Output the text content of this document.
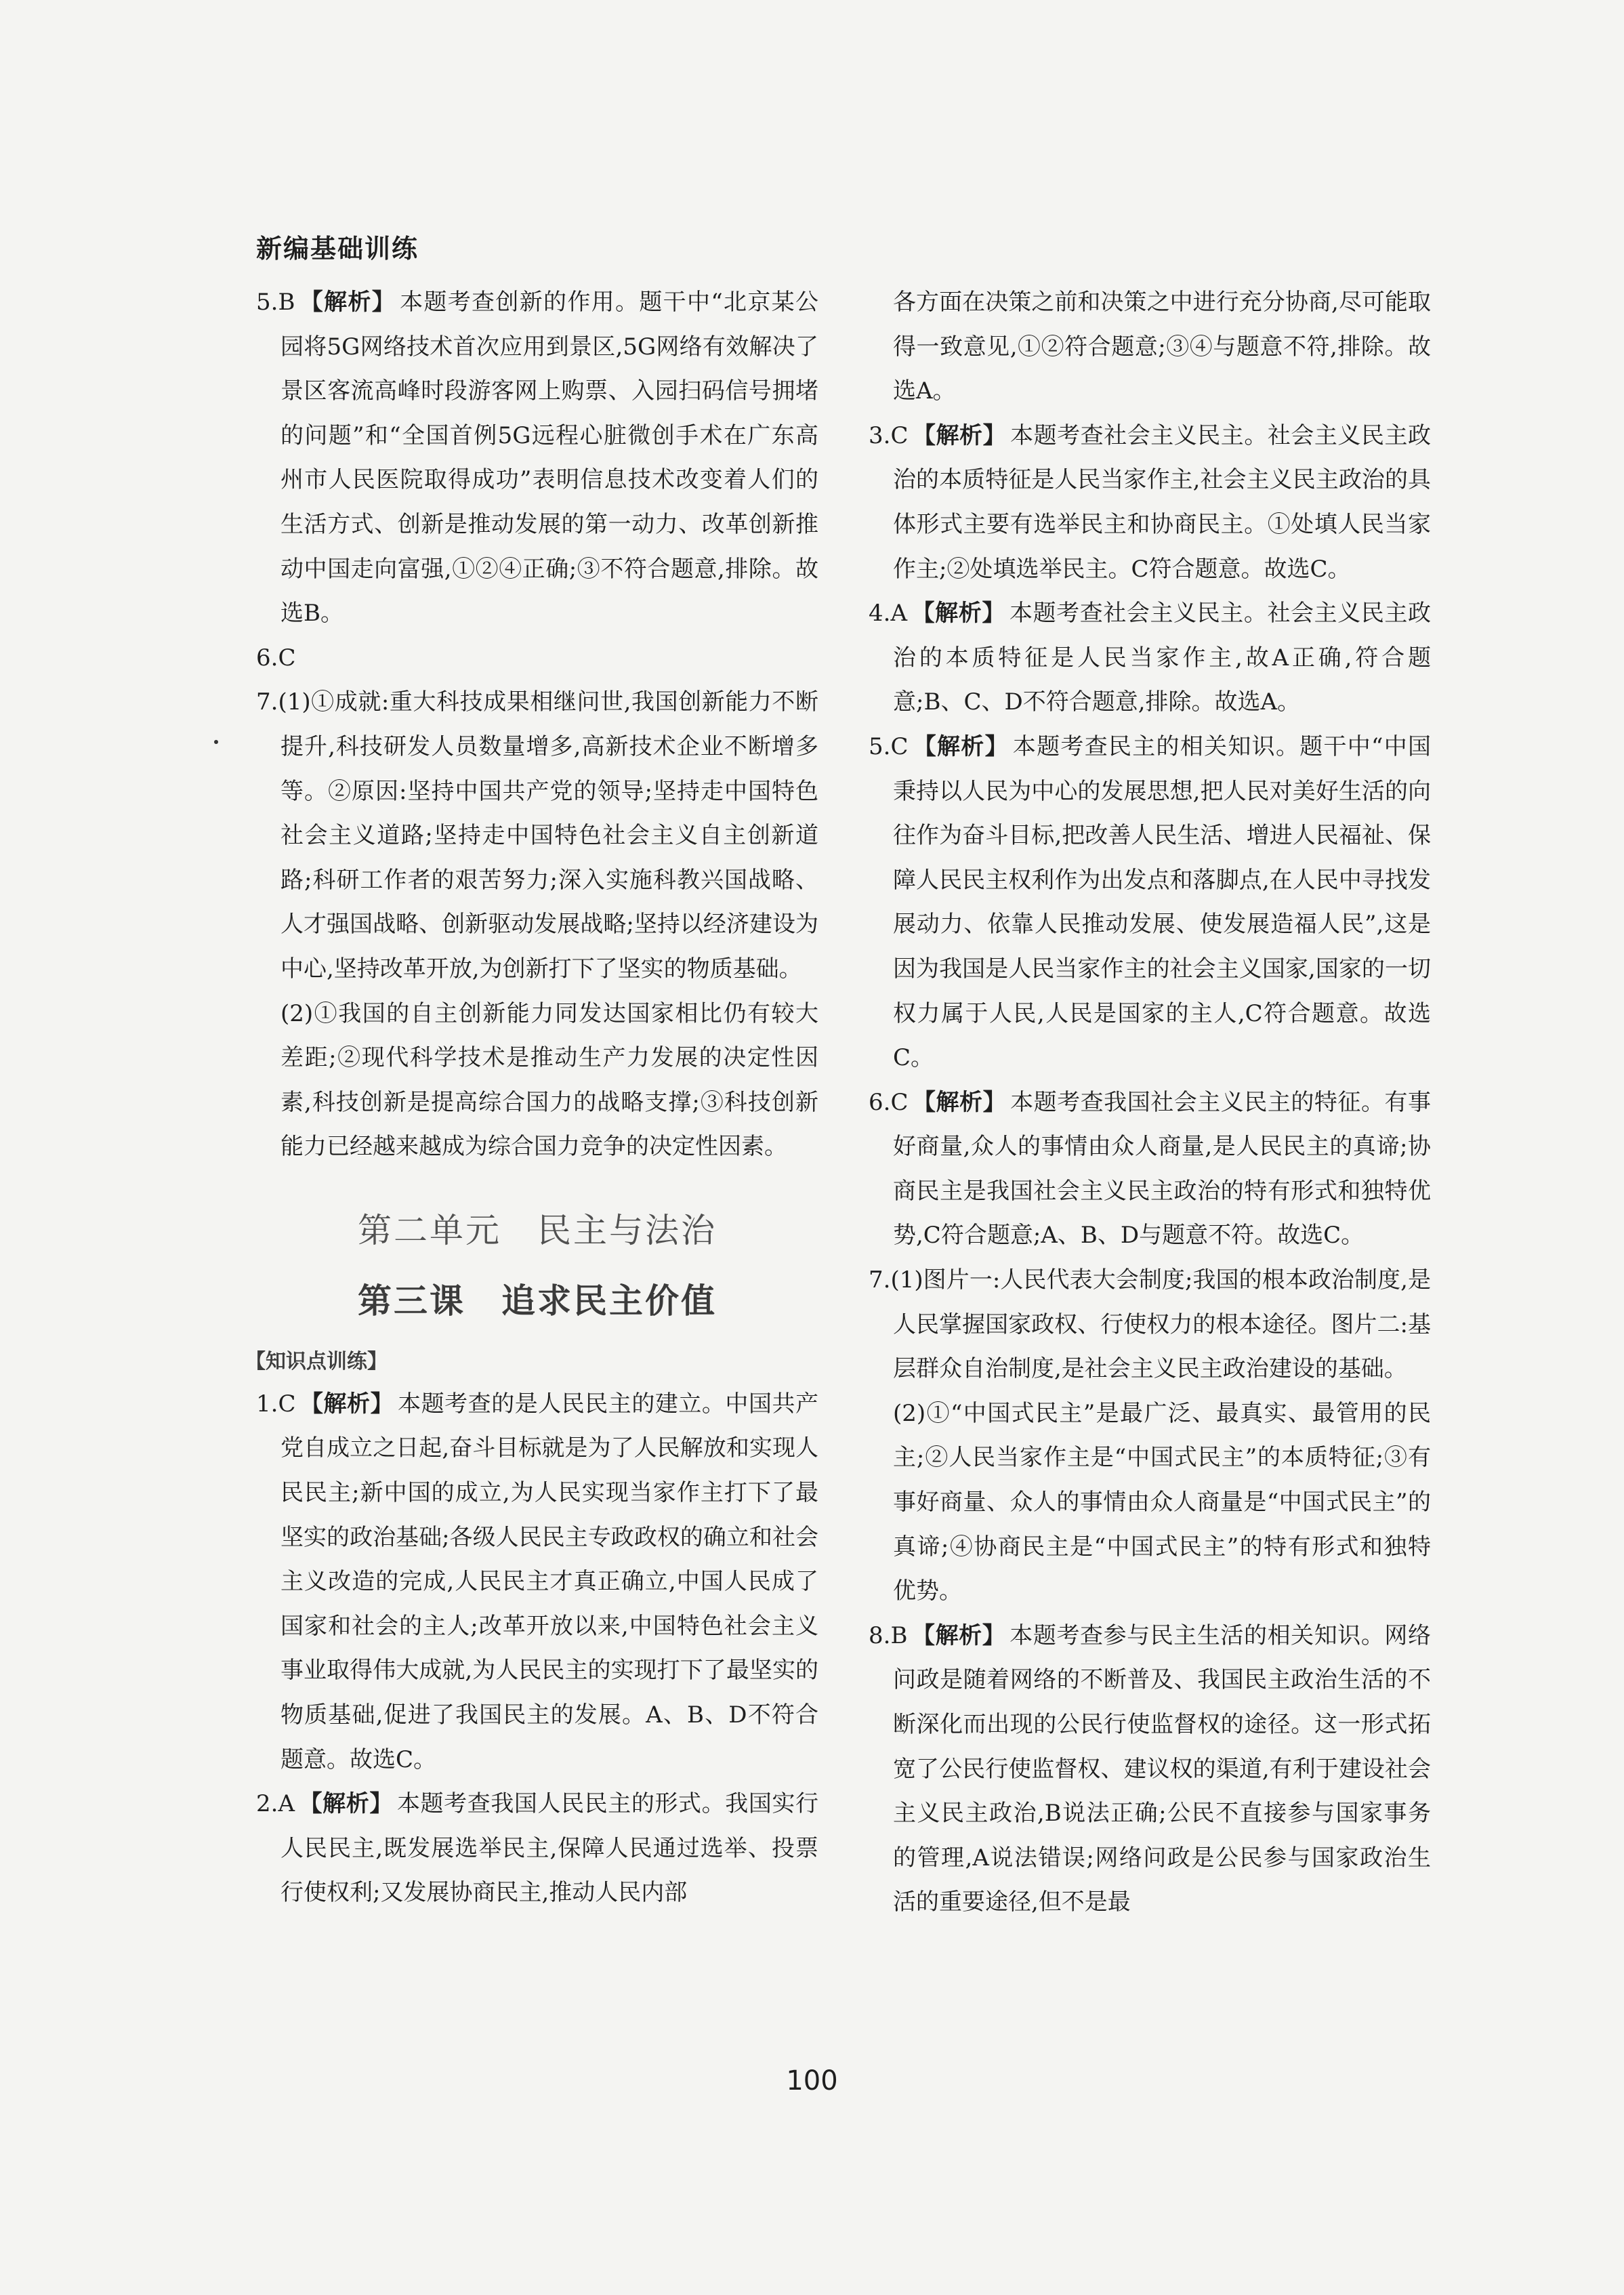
新编基础训练

5.B 【解析】 本题考查创新的作用。题干中“北京某公园将5G网络技术首次应用到景区,5G网络有效解决了景区客流高峰时段游客网上购票、入园扫码信号拥堵的问题”和“全国首例5G远程心脏微创手术在广东高州市人民医院取得成功”表明信息技术改变着人们的生活方式、创新是推动发展的第一动力、改革创新推动中国走向富强,①②④正确;③不符合题意,排除。故选B。

6.C

7.(1)①成就:重大科技成果相继问世,我国创新能力不断提升,科技研发人员数量增多,高新技术企业不断增多等。②原因:坚持中国共产党的领导;坚持走中国特色社会主义道路;坚持走中国特色社会主义自主创新道路;科研工作者的艰苦努力;深入实施科教兴国战略、人才强国战略、创新驱动发展战略;坚持以经济建设为中心,坚持改革开放,为创新打下了坚实的物质基础。

(2)①我国的自主创新能力同发达国家相比仍有较大差距;②现代科学技术是推动生产力发展的决定性因素,科技创新是提高综合国力的战略支撑;③科技创新能力已经越来越成为综合国力竞争的决定性因素。

第二单元　民主与法治
第三课　追求民主价值
【知识点训练】

1.C 【解析】 本题考查的是人民民主的建立。中国共产党自成立之日起,奋斗目标就是为了人民解放和实现人民民主;新中国的成立,为人民实现当家作主打下了最坚实的政治基础;各级人民民主专政政权的确立和社会主义改造的完成,人民民主才真正确立,中国人民成了国家和社会的主人;改革开放以来,中国特色社会主义事业取得伟大成就,为人民民主的实现打下了最坚实的物质基础,促进了我国民主的发展。A、B、D不符合题意。故选C。

2.A 【解析】 本题考查我国人民民主的形式。我国实行人民民主,既发展选举民主,保障人民通过选举、投票行使权利;又发展协商民主,推动人民内部

各方面在决策之前和决策之中进行充分协商,尽可能取得一致意见,①②符合题意;③④与题意不符,排除。故选A。

3.C 【解析】 本题考查社会主义民主。社会主义民主政治的本质特征是人民当家作主,社会主义民主政治的具体形式主要有选举民主和协商民主。①处填人民当家作主;②处填选举民主。C符合题意。故选C。

4.A 【解析】 本题考查社会主义民主。社会主义民主政治的本质特征是人民当家作主,故A正确,符合题意;B、C、D不符合题意,排除。故选A。

5.C 【解析】 本题考查民主的相关知识。题干中“中国秉持以人民为中心的发展思想,把人民对美好生活的向往作为奋斗目标,把改善人民生活、增进人民福祉、保障人民民主权利作为出发点和落脚点,在人民中寻找发展动力、依靠人民推动发展、使发展造福人民”,这是因为我国是人民当家作主的社会主义国家,国家的一切权力属于人民,人民是国家的主人,C符合题意。故选C。

6.C 【解析】 本题考查我国社会主义民主的特征。有事好商量,众人的事情由众人商量,是人民民主的真谛;协商民主是我国社会主义民主政治的特有形式和独特优势,C符合题意;A、B、D与题意不符。故选C。

7.(1)图片一:人民代表大会制度;我国的根本政治制度,是人民掌握国家政权、行使权力的根本途径。图片二:基层群众自治制度,是社会主义民主政治建设的基础。

(2)①“中国式民主”是最广泛、最真实、最管用的民主;②人民当家作主是“中国式民主”的本质特征;③有事好商量、众人的事情由众人商量是“中国式民主”的真谛;④协商民主是“中国式民主”的特有形式和独特优势。

8.B 【解析】 本题考查参与民主生活的相关知识。网络问政是随着网络的不断普及、我国民主政治生活的不断深化而出现的公民行使监督权的途径。这一形式拓宽了公民行使监督权、建议权的渠道,有利于建设社会主义民主政治,B说法正确;公民不直接参与国家事务的管理,A说法错误;网络问政是公民参与国家政治生活的重要途径,但不是最

100
